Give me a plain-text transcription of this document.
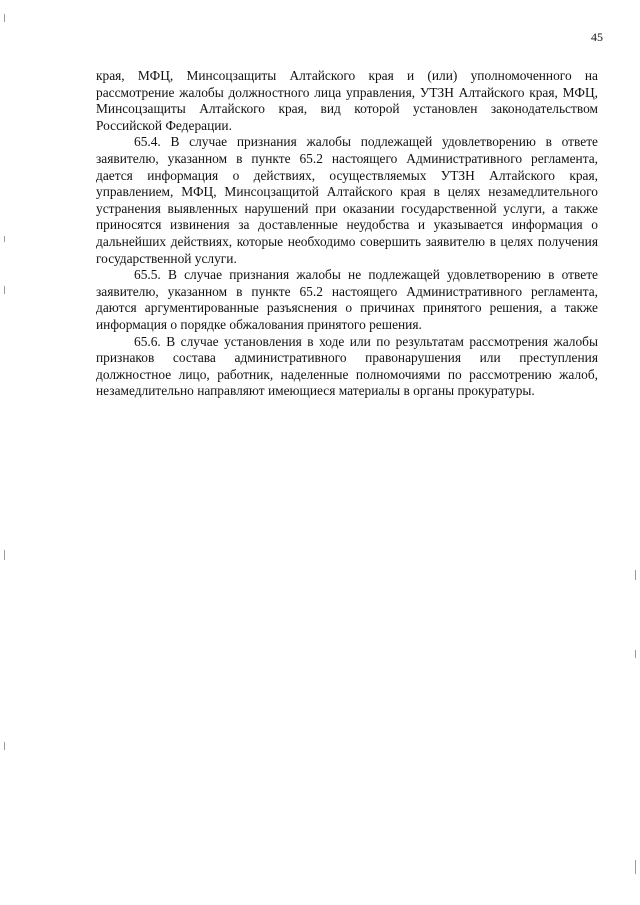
45

края, МФЦ, Минсоцзащиты Алтайского края и (или) уполномоченного на рассмотрение жалобы должностного лица управления, УТЗН Алтайского края, МФЦ, Минсоцзащиты Алтайского края, вид которой установлен законодательством Российской Федерации.

65.4. В случае признания жалобы подлежащей удовлетворению в ответе заявителю, указанном в пункте 65.2 настоящего Административного регламента, дается информация о действиях, осуществляемых УТЗН Алтайского края, управлением, МФЦ, Минсоцзащитой Алтайского края в целях незамедлительного устранения выявленных нарушений при оказании государственной услуги, а также приносятся извинения за доставленные неудобства и указывается информация о дальнейших действиях, которые необходимо совершить заявителю в целях получения государственной услуги.

65.5. В случае признания жалобы не подлежащей удовлетворению в ответе заявителю, указанном в пункте 65.2 настоящего Административного регламента, даются аргументированные разъяснения о причинах принятого решения, а также информация о порядке обжалования принятого решения.

65.6. В случае установления в ходе или по результатам рассмотрения жалобы признаков состава административного правонарушения или преступления должностное лицо, работник, наделенные полномочиями по рассмотрению жалоб, незамедлительно направляют имеющиеся материалы в органы прокуратуры.
